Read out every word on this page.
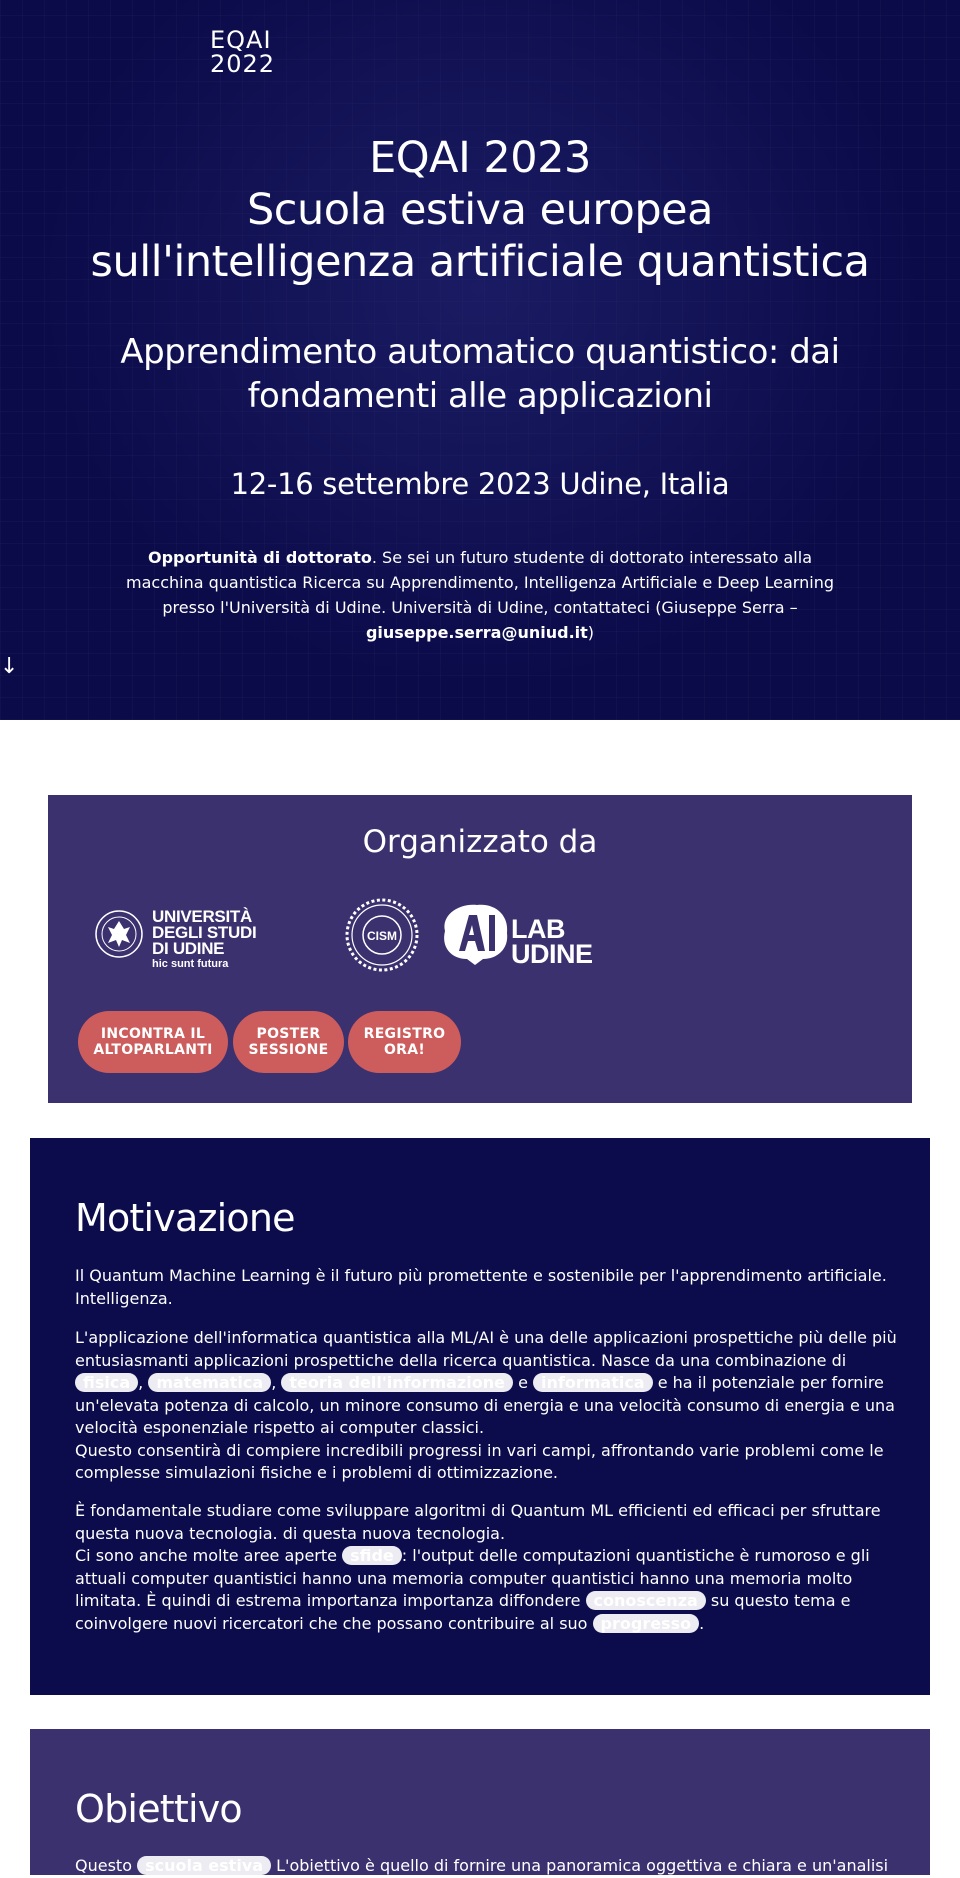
EQAI
2022
EQAI 2023
Scuola estiva europea
sull'intelligenza artificiale quantistica
Apprendimento automatico quantistico: dai fondamenti alle applicazioni
12-16 settembre 2023 Udine, Italia

Opportunità di dottorato. Se sei un futuro studente di dottorato interessato alla macchina quantistica Ricerca su Apprendimento, Intelligenza Artificiale e Deep Learning presso l'Università di Udine. Università di Udine, contattateci (Giuseppe Serra – giuseppe.serra@uniud.it)

↓
Organizzato da
UNIVERSITÀ
DEGLI STUDI
DI UDINE
hic sunt futura
CISM	LAB
UDINE
INCONTRA IL
ALTOPARLANTI
POSTER
SESSIONE
REGISTRO
ORA!
Motivazione

Il Quantum Machine Learning è il futuro più promettente e sostenibile per l'apprendimento artificiale. Intelligenza.

L'applicazione dell'informatica quantistica alla ML/AI è una delle applicazioni prospettiche più delle più entusiasmanti applicazioni prospettiche della ricerca quantistica. Nasce da una combinazione di fisica , matematica , teoria dell'informazione e informatica e ha il potenziale per fornire un'elevata potenza di calcolo, un minore consumo di energia e una velocità consumo di energia e una velocità esponenziale rispetto ai computer classici.
Questo consentirà di compiere incredibili progressi in vari campi, affrontando varie problemi come le complesse simulazioni fisiche e i problemi di ottimizzazione.

È fondamentale studiare come sviluppare algoritmi di Quantum ML efficienti ed efficaci per sfruttare questa nuova tecnologia. di questa nuova tecnologia.
Ci sono anche molte aree aperte sfide : l'output delle computazioni quantistiche è rumoroso e gli attuali computer quantistici hanno una memoria computer quantistici hanno una memoria molto limitata. È quindi di estrema importanza importanza diffondere conoscenza su questo tema e coinvolgere nuovi ricercatori che che possano contribuire al suo progresso .

Obiettivo

Questo scuola estiva L'obiettivo è quello di fornire una panoramica oggettiva e chiara e un'analisi
